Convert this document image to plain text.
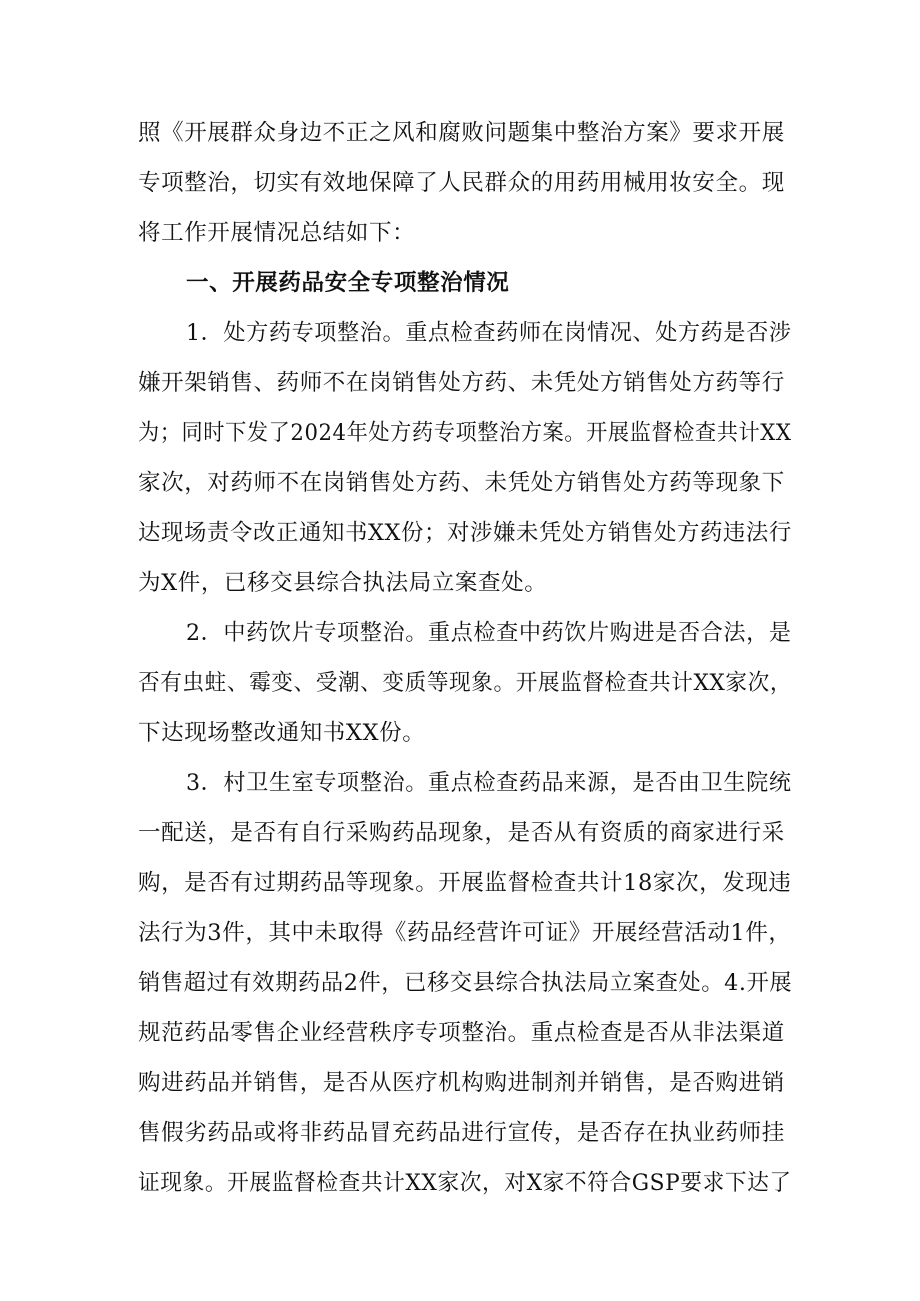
照《开展群众身边不正之风和腐败问题集中整治方案》要求开展
专项整治，切实有效地保障了人民群众的用药用械用妆安全。现
将工作开展情况总结如下：
一、开展药品安全专项整治情况
1．处方药专项整治。重点检查药师在岗情况、处方药是否涉
嫌开架销售、药师不在岗销售处方药、未凭处方销售处方药等行
为；同时下发了2024年处方药专项整治方案。开展监督检查共计XX
家次，对药师不在岗销售处方药、未凭处方销售处方药等现象下
达现场责令改正通知书XX份；对涉嫌未凭处方销售处方药违法行
为X件，已移交县综合执法局立案查处。
2．中药饮片专项整治。重点检查中药饮片购进是否合法，是
否有虫蛀、霉变、受潮、变质等现象。开展监督检查共计XX家次，
下达现场整改通知书XX份。
3．村卫生室专项整治。重点检查药品来源，是否由卫生院统
一配送，是否有自行采购药品现象，是否从有资质的商家进行采
购，是否有过期药品等现象。开展监督检查共计18家次，发现违
法行为3件，其中未取得《药品经营许可证》开展经营活动1件，
销售超过有效期药品2件，已移交县综合执法局立案查处。4.开展
规范药品零售企业经营秩序专项整治。重点检查是否从非法渠道
购进药品并销售，是否从医疗机构购进制剂并销售，是否购进销
售假劣药品或将非药品冒充药品进行宣传，是否存在执业药师挂
证现象。开展监督检查共计XX家次，对X家不符合GSP要求下达了
